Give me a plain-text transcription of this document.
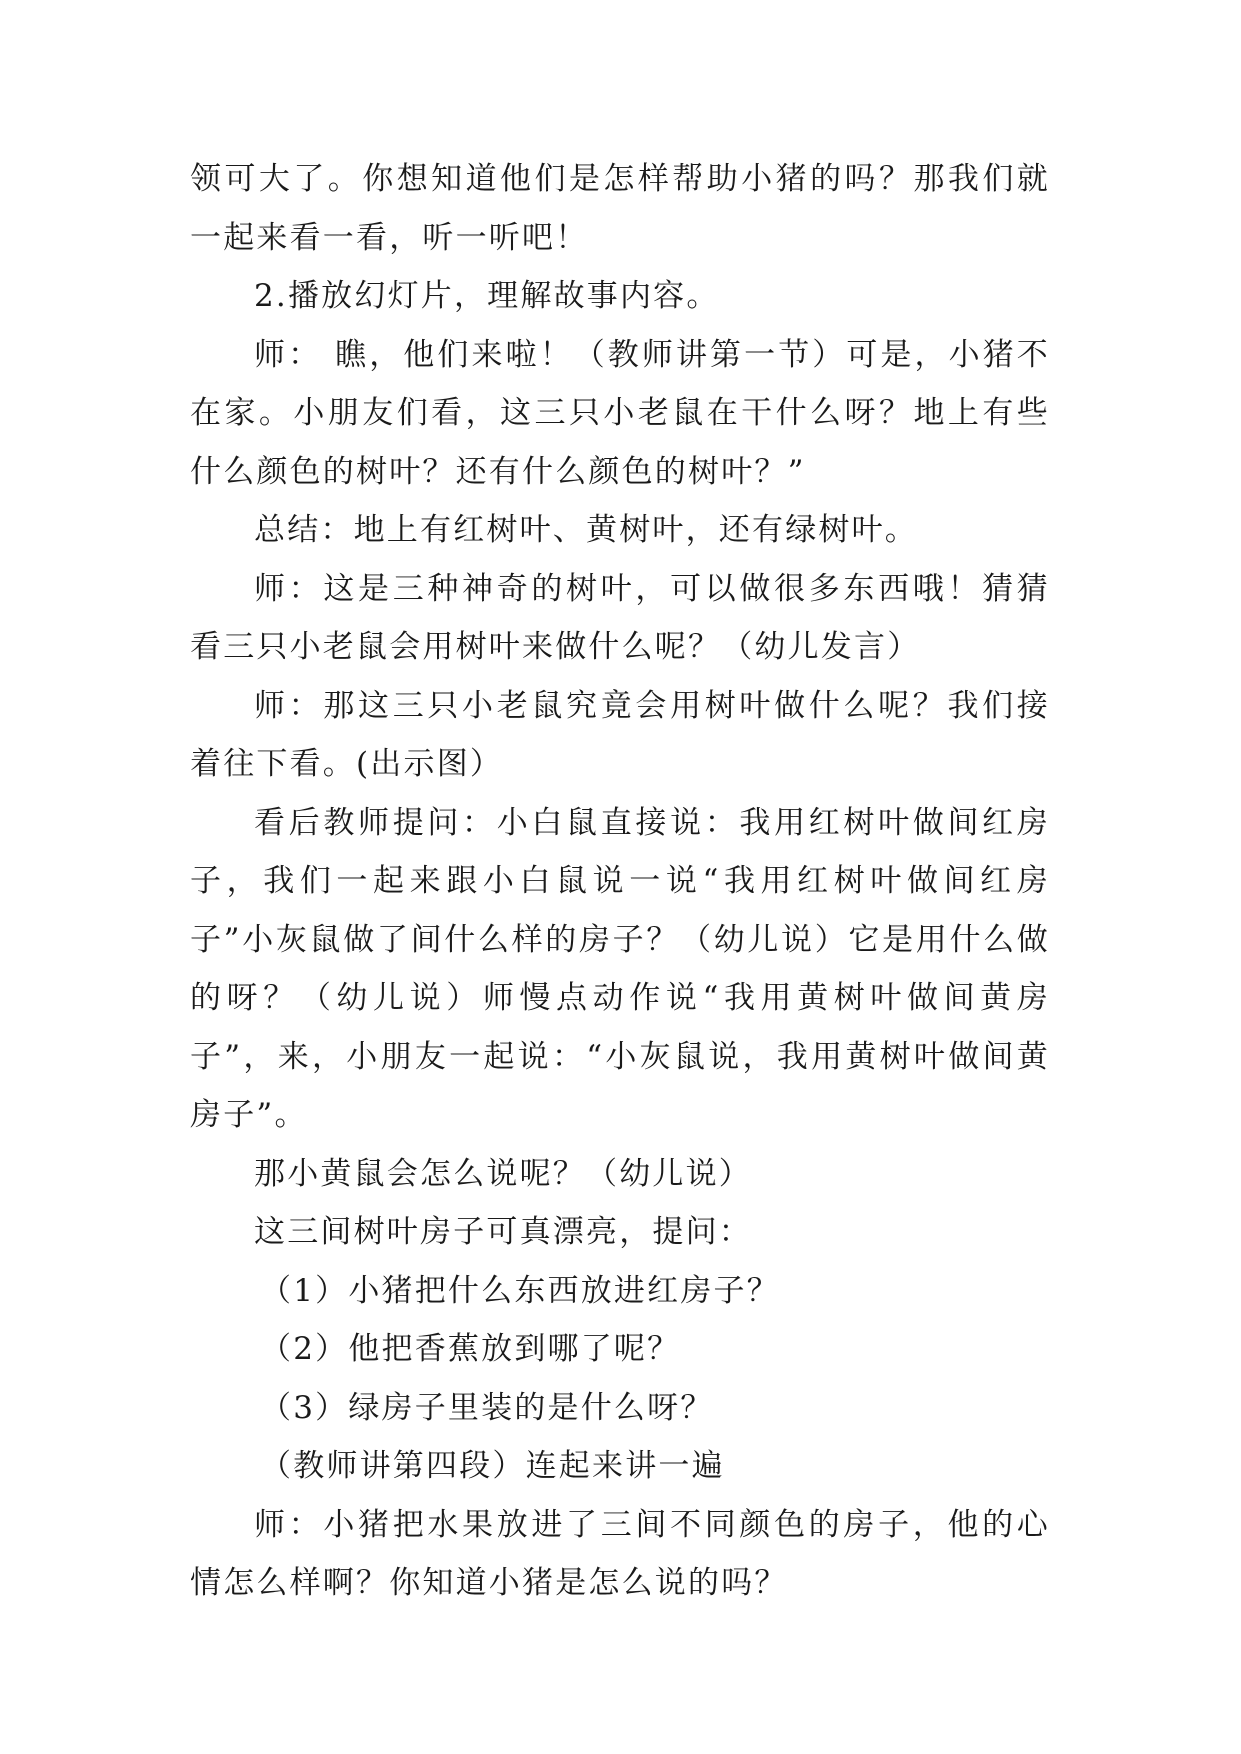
领可大了。你想知道他们是怎样帮助小猪的吗？那我们就一起来看一看，听一听吧！

2.播放幻灯片，理解故事内容。

师： 瞧，他们来啦！（教师讲第一节）可是，小猪不在家。小朋友们看，这三只小老鼠在干什么呀？地上有些什么颜色的树叶？还有什么颜色的树叶？”

总结：地上有红树叶、黄树叶，还有绿树叶。

师：这是三种神奇的树叶，可以做很多东西哦！猜猜看三只小老鼠会用树叶来做什么呢？（幼儿发言）

师：那这三只小老鼠究竟会用树叶做什么呢？我们接着往下看。(出示图）

看后教师提问：小白鼠直接说：我用红树叶做间红房子，我们一起来跟小白鼠说一说“我用红树叶做间红房子”小灰鼠做了间什么样的房子？（幼儿说）它是用什么做的呀？（幼儿说）师慢点动作说“我用黄树叶做间黄房子”，来，小朋友一起说：“小灰鼠说，我用黄树叶做间黄房子”。

那小黄鼠会怎么说呢？（幼儿说）

这三间树叶房子可真漂亮，提问：

（1）小猪把什么东西放进红房子？

（2）他把香蕉放到哪了呢？

（3）绿房子里装的是什么呀？

（教师讲第四段）连起来讲一遍

师：小猪把水果放进了三间不同颜色的房子，他的心情怎么样啊？你知道小猪是怎么说的吗？
